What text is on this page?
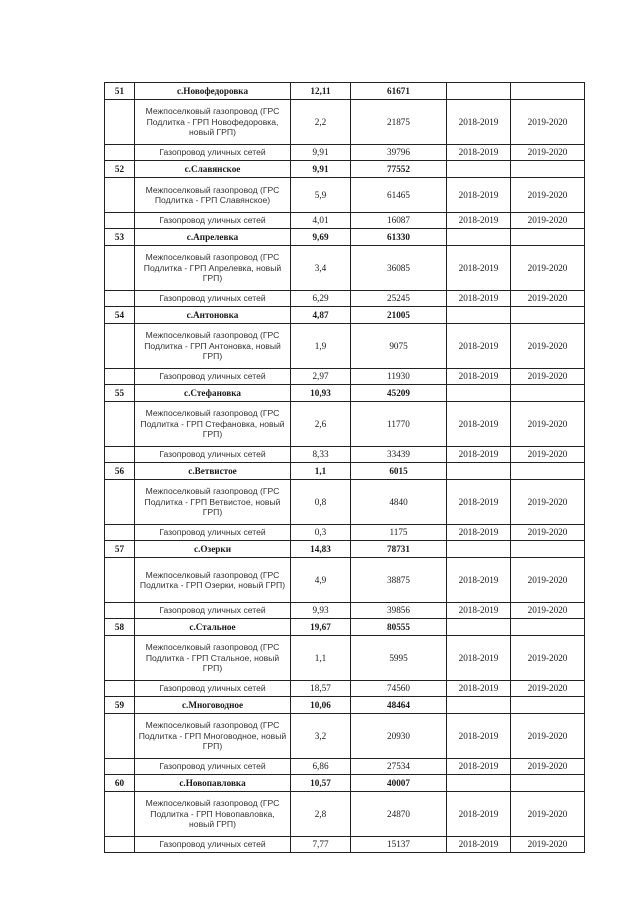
51	с.Новофедоровка	12,11	61671		
	Межпоселковый газопровод (ГРС Подлитка - ГРП Новофедоровка, новый ГРП)	2,2	21875	2018-2019	2019-2020
	Газопровод уличных сетей	9,91	39796	2018-2019	2019-2020
52	с.Славянское	9,91	77552		
	Межпоселковый газопровод (ГРС Подлитка - ГРП Славянское)	5,9	61465	2018-2019	2019-2020
	Газопровод уличных сетей	4,01	16087	2018-2019	2019-2020
53	с.Апрелевка	9,69	61330		
	Межпоселковый газопровод (ГРС Подлитка - ГРП Апрелевка, новый ГРП)	3,4	36085	2018-2019	2019-2020
	Газопровод уличных сетей	6,29	25245	2018-2019	2019-2020
54	с.Антоновка	4,87	21005		
	Межпоселковый газопровод (ГРС Подлитка - ГРП Антоновка, новый ГРП)	1,9	9075	2018-2019	2019-2020
	Газопровод уличных сетей	2,97	11930	2018-2019	2019-2020
55	с.Стефановка	10,93	45209		
	Межпоселковый газопровод (ГРС Подлитка - ГРП Стефановка, новый ГРП)	2,6	11770	2018-2019	2019-2020
	Газопровод уличных сетей	8,33	33439	2018-2019	2019-2020
56	с.Ветвистое	1,1	6015		
	Межпоселковый газопровод (ГРС Подлитка - ГРП Ветвистое, новый ГРП)	0,8	4840	2018-2019	2019-2020
	Газопровод уличных сетей	0,3	1175	2018-2019	2019-2020
57	с.Озерки	14,83	78731		
	Межпоселковый газопровод (ГРС Подлитка - ГРП Озерки, новый ГРП)	4,9	38875	2018-2019	2019-2020
	Газопровод уличных сетей	9,93	39856	2018-2019	2019-2020
58	с.Стальное	19,67	80555		
	Межпоселковый газопровод (ГРС Подлитка - ГРП Стальное, новый ГРП)	1,1	5995	2018-2019	2019-2020
	Газопровод уличных сетей	18,57	74560	2018-2019	2019-2020
59	с.Многоводное	10,06	48464		
	Межпоселковый газопровод (ГРС Подлитка - ГРП Многоводное, новый ГРП)	3,2	20930	2018-2019	2019-2020
	Газопровод уличных сетей	6,86	27534	2018-2019	2019-2020
60	с.Новопавловка	10,57	40007		
	Межпоселковый газопровод (ГРС Подлитка - ГРП Новопавловка, новый ГРП)	2,8	24870	2018-2019	2019-2020
	Газопровод уличных сетей	7,77	15137	2018-2019	2019-2020
